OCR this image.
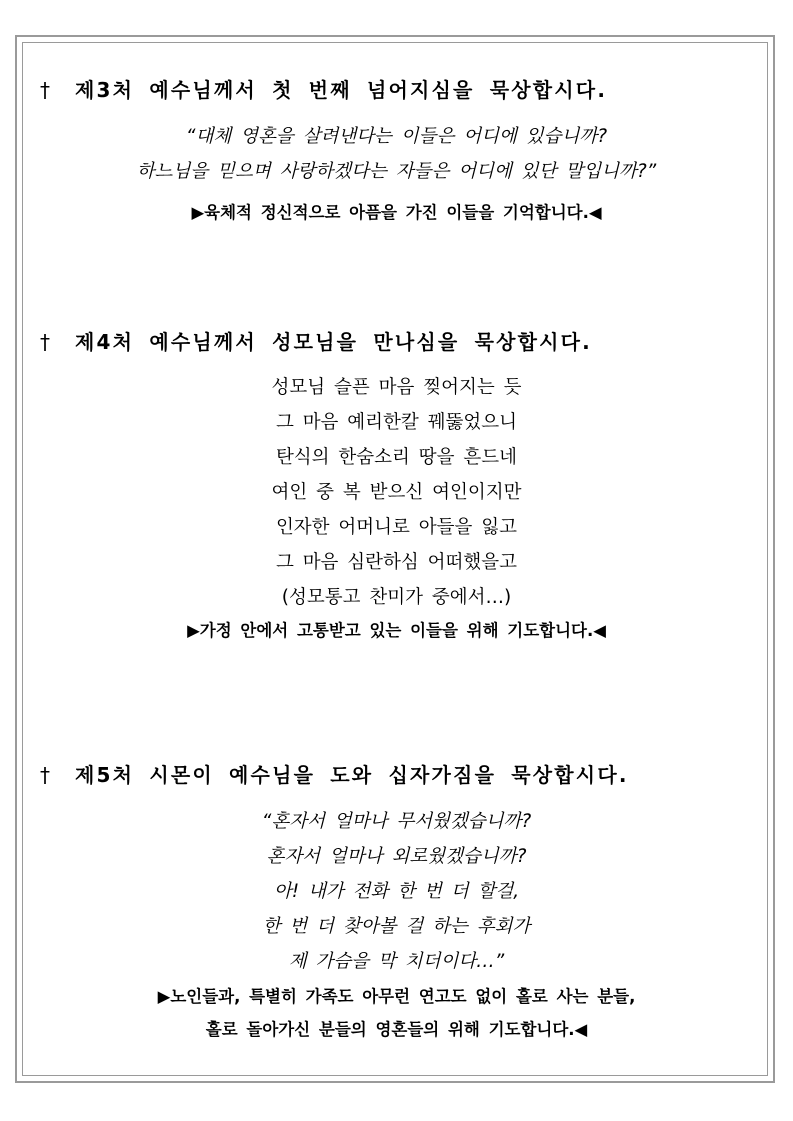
† 제3처 예수님께서 첫 번째 넘어지심을 묵상합시다.
“대체 영혼을 살려낸다는 이들은 어디에 있습니까?
하느님을 믿으며 사랑하겠다는 자들은 어디에 있단 말입니까?”
▶육체적 정신적으로 아픔을 가진 이들을 기억합니다.◀
† 제4처 예수님께서 성모님을 만나심을 묵상합시다.
성모님 슬픈 마음 찢어지는 듯
그 마음 예리한칼 꿰뚫었으니
탄식의 한숨소리 땅을 흔드네
여인 중 복 받으신 여인이지만
인자한 어머니로 아들을 잃고
그 마음 심란하심 어떠했을고
(성모통고 찬미가 중에서…)
▶가정 안에서 고통받고 있는 이들을 위해 기도합니다.◀
† 제5처 시몬이 예수님을 도와 십자가짐을 묵상합시다.
“혼자서 얼마나 무서웠겠습니까?
혼자서 얼마나 외로웠겠습니까?
아! 내가 전화 한 번 더 할걸,
한 번 더 찾아볼 걸 하는 후회가
제 가슴을 막 치더이다…”
▶노인들과, 특별히 가족도 아무런 연고도 없이 홀로 사는 분들,
홀로 돌아가신 분들의 영혼들의 위해 기도합니다.◀
